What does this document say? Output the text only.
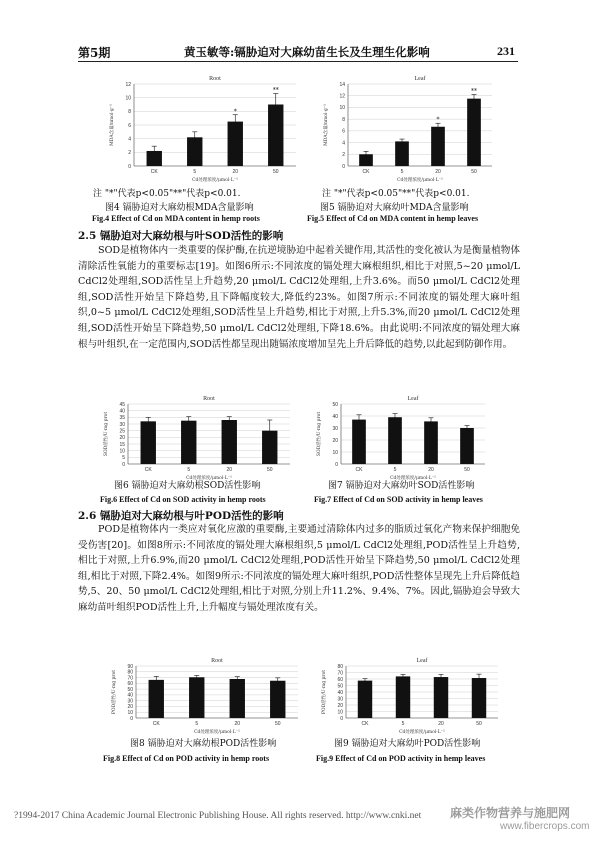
第5期	黄玉敏等:镉胁迫对大麻幼苗生长及生理生化影响	231
Root
0
2
4
6
8
10
12
MDA含量/nmol·g⁻¹
CK	5	20
*
50
**
Cd处理浓度/μmol·L⁻¹
Leaf
0
2
4
6
8
10
12
14
MDA含量/nmol·g⁻¹
CK	5	20
*
50
**
Cd处理浓度/μmol·L⁻¹
注 "*"代表p<0.05"**"代表p<0.01.	注 "*"代表p<0.05"**"代表p<0.01.
图4 镉胁迫对大麻幼根MDA含量影响	图5 镉胁迫对大麻幼叶MDA含量影响
Fig.4 Effect of Cd on MDA content in hemp roots	Fig.5 Effect of Cd on MDA content in hemp leaves
2.5 镉胁迫对大麻幼根与叶SOD活性的影响

SOD是植物体内一类重要的保护酶,在抗逆境胁迫中起着关键作用,其活性的变化被认为是衡量植物体清除活性氧能力的重要标志[19]。如图6所示:不同浓度的镉处理大麻根组织,相比于对照,5~20 μmol/L CdCl2处理组,SOD活性呈上升趋势,20 μmol/L CdCl2处理组,上升3.6%。而50 μmol/L CdCl2处理组,SOD活性开始呈下降趋势,且下降幅度较大,降低约23%。如图7所示:不同浓度的镉处理大麻叶组织,0~5 μmol/L CdCl2处理组,SOD活性呈上升趋势,相比于对照,上升5.3%,而20 μmol/L CdCl2处理组,SOD活性开始呈下降趋势,50 μmol/L CdCl2处理组,下降18.6%。由此说明:不同浓度的镉处理大麻根与叶组织,在一定范围内,SOD活性都呈现出随镉浓度增加呈先上升后降低的趋势,以此起到防御作用。

Root
0
5
10
15
20
25
30
35
40
45
SOD活性/U·mg prot
CK	5	20	50
Cd处理浓度/μmol·L⁻¹
Leaf
0
10
20
30
40
50
SOD活性/U·mg prot
CK	5	20	50
Cd处理浓度/μmol·L⁻¹
图6 镉胁迫对大麻幼根SOD活性影响	图7 镉胁迫对大麻幼叶SOD活性影响
Fig.6 Effect of Cd on SOD activity in hemp roots	Fig.7 Effect of Cd on SOD activity in hemp leaves
2.6 镉胁迫对大麻幼根与叶POD活性的影响

POD是植物体内一类应对氧化应激的重要酶,主要通过清除体内过多的脂质过氧化产物来保护细胞免受伤害[20]。如图8所示:不同浓度的镉处理大麻根组织,5 μmol/L CdCl2处理组,POD活性呈上升趋势,相比于对照,上升6.9%,而20 μmol/L CdCl2处理组,POD活性开始呈下降趋势,50 μmol/L CdCl2处理组,相比于对照,下降2.4%。如图9所示:不同浓度的镉处理大麻叶组织,POD活性整体呈现先上升后降低趋势,5、20、50 μmol/L CdCl2处理组,相比于对照,分别上升11.2%、9.4%、7%。因此,镉胁迫会导致大麻幼苗叶组织POD活性上升,上升幅度与镉处理浓度有关。

Root
0
10
20
30
40
50
60
70
80
90
POD活性/U·mg prot
CK	5	20	50
Cd处理浓度/μmol·L⁻¹
Leaf
0
10
20
30
40
50
60
70
80
POD活性/U·mg prot
CK	5	20	50
Cd处理浓度/μmol·L⁻¹
图8 镉胁迫对大麻幼根POD活性影响	图9 镉胁迫对大麻幼叶POD活性影响
Fig.8 Effect of Cd on POD activity in hemp roots	Fig.9 Effect of Cd on POD activity in hemp leaves
?1994-2017 China Academic Journal Electronic Publishing House. All rights reserved. http://www.cnki.net 麻类作物营养与施肥网
www.fibercrops.com
